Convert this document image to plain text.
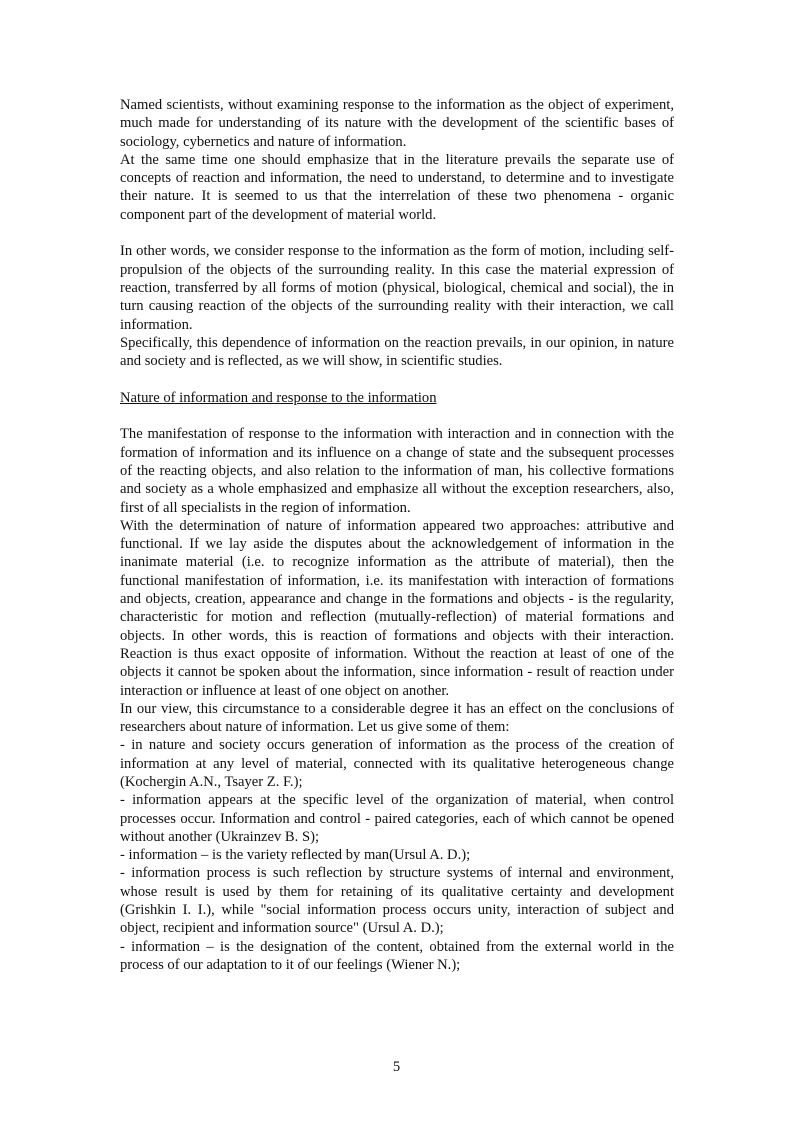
Named scientists, without examining response to the information as the object of experiment, much made for understanding of its nature with the development of the scientific bases of sociology, cybernetics and nature of information.

At the same time one should emphasize that in the literature prevails the separate use of concepts of reaction and information, the need to understand, to determine and to investigate their nature. It is seemed to us that the interrelation of these two phenomena - organic component part of the development of material world.

In other words, we consider response to the information as the form of motion, including self-propulsion of the objects of the surrounding reality. In this case the material expression of reaction, transferred by all forms of motion (physical, biological, chemical and social), the in turn causing reaction of the objects of the surrounding reality with their interaction, we call information.

Specifically, this dependence of information on the reaction prevails, in our opinion, in nature and society and is reflected, as we will show, in scientific studies.

Nature of information and response to the information

The manifestation of response to the information with interaction and in connection with the formation of information and its influence on a change of state and the subsequent processes of the reacting objects, and also relation to the information of man, his collective formations and society as a whole emphasized and emphasize all without the exception researchers, also, first of all specialists in the region of information.

With the determination of nature of information appeared two approaches: attributive and functional. If we lay aside the disputes about the acknowledgement of information in the inanimate material (i.e. to recognize information as the attribute of material), then the functional manifestation of information, i.e. its manifestation with interaction of formations and objects, creation, appearance and change in the formations and objects - is the regularity, characteristic for motion and reflection (mutually-reflection) of material formations and objects. In other words, this is reaction of formations and objects with their interaction. Reaction is thus exact opposite of information. Without the reaction at least of one of the objects it cannot be spoken about the information, since information - result of reaction under interaction or influence at least of one object on another.

In our view, this circumstance to a considerable degree it has an effect on the conclusions of researchers about nature of information. Let us give some of them:

- in nature and society occurs generation of information as the process of the creation of information at any level of material, connected with its qualitative heterogeneous change (Kochergin A.N., Tsayer Z. F.);

- information appears at the specific level of the organization of material, when control processes occur. Information and control - paired categories, each of which cannot be opened without another (Ukrainzev B. S);

- information – is the variety reflected by man(Ursul A. D.);

- information process is such reflection by structure systems of internal and environment, whose result is used by them for retaining of its qualitative certainty and development (Grishkin I. I.), while "social information process occurs unity, interaction of subject and object, recipient and information source" (Ursul A. D.);

- information – is the designation of the content, obtained from the external world in the process of our adaptation to it of our feelings (Wiener N.);

5
